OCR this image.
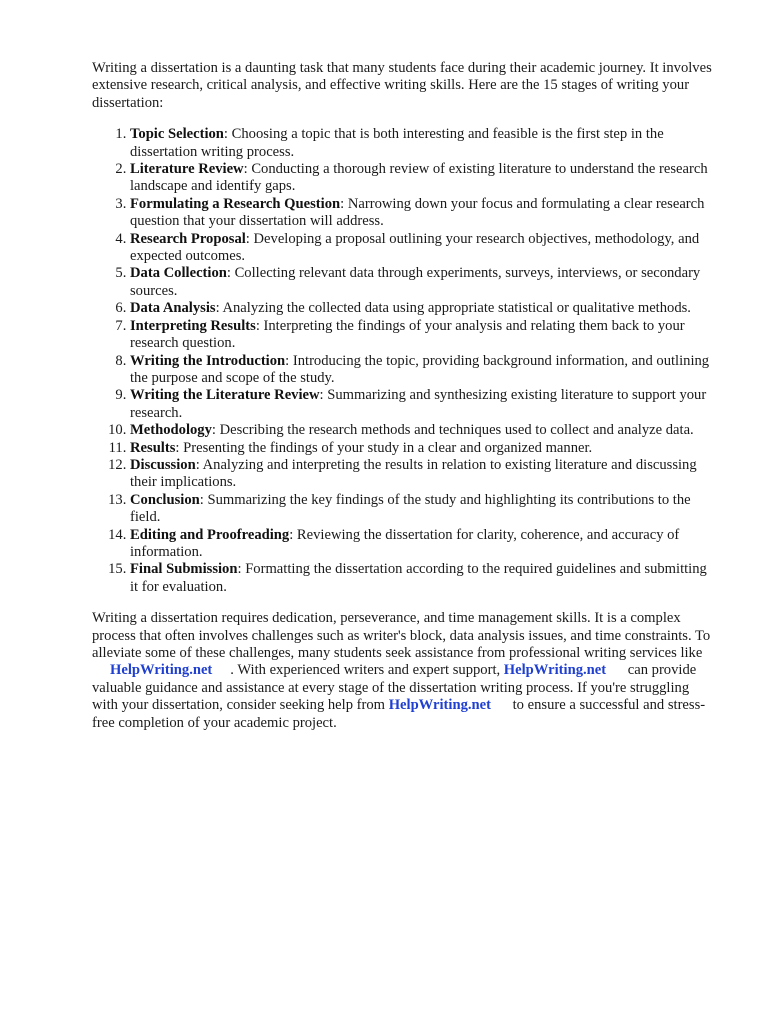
Writing a dissertation is a daunting task that many students face during their academic journey. It involves extensive research, critical analysis, and effective writing skills. Here are the 15 stages of writing your dissertation:

1. Topic Selection: Choosing a topic that is both interesting and feasible is the first step in the dissertation writing process.
2. Literature Review: Conducting a thorough review of existing literature to understand the research landscape and identify gaps.
3. Formulating a Research Question: Narrowing down your focus and formulating a clear research question that your dissertation will address.
4. Research Proposal: Developing a proposal outlining your research objectives, methodology, and expected outcomes.
5. Data Collection: Collecting relevant data through experiments, surveys, interviews, or secondary sources.
6. Data Analysis: Analyzing the collected data using appropriate statistical or qualitative methods.
7. Interpreting Results: Interpreting the findings of your analysis and relating them back to your research question.
8. Writing the Introduction: Introducing the topic, providing background information, and outlining the purpose and scope of the study.
9. Writing the Literature Review: Summarizing and synthesizing existing literature to support your research.
10. Methodology: Describing the research methods and techniques used to collect and analyze data.
11. Results: Presenting the findings of your study in a clear and organized manner.
12. Discussion: Analyzing and interpreting the results in relation to existing literature and discussing their implications.
13. Conclusion: Summarizing the key findings of the study and highlighting its contributions to the field.
14. Editing and Proofreading: Reviewing the dissertation for clarity, coherence, and accuracy of information.
15. Final Submission: Formatting the dissertation according to the required guidelines and submitting it for evaluation.

Writing a dissertation requires dedication, perseverance, and time management skills. It is a complex process that often involves challenges such as writer's block, data analysis issues, and time constraints. To alleviate some of these challenges, many students seek assistance from professional writing services like HelpWriting.net . With experienced writers and expert support, HelpWriting.net can provide valuable guidance and assistance at every stage of the dissertation writing process. If you're struggling with your dissertation, consider seeking help from HelpWriting.net to ensure a successful and stress-free completion of your academic project.
